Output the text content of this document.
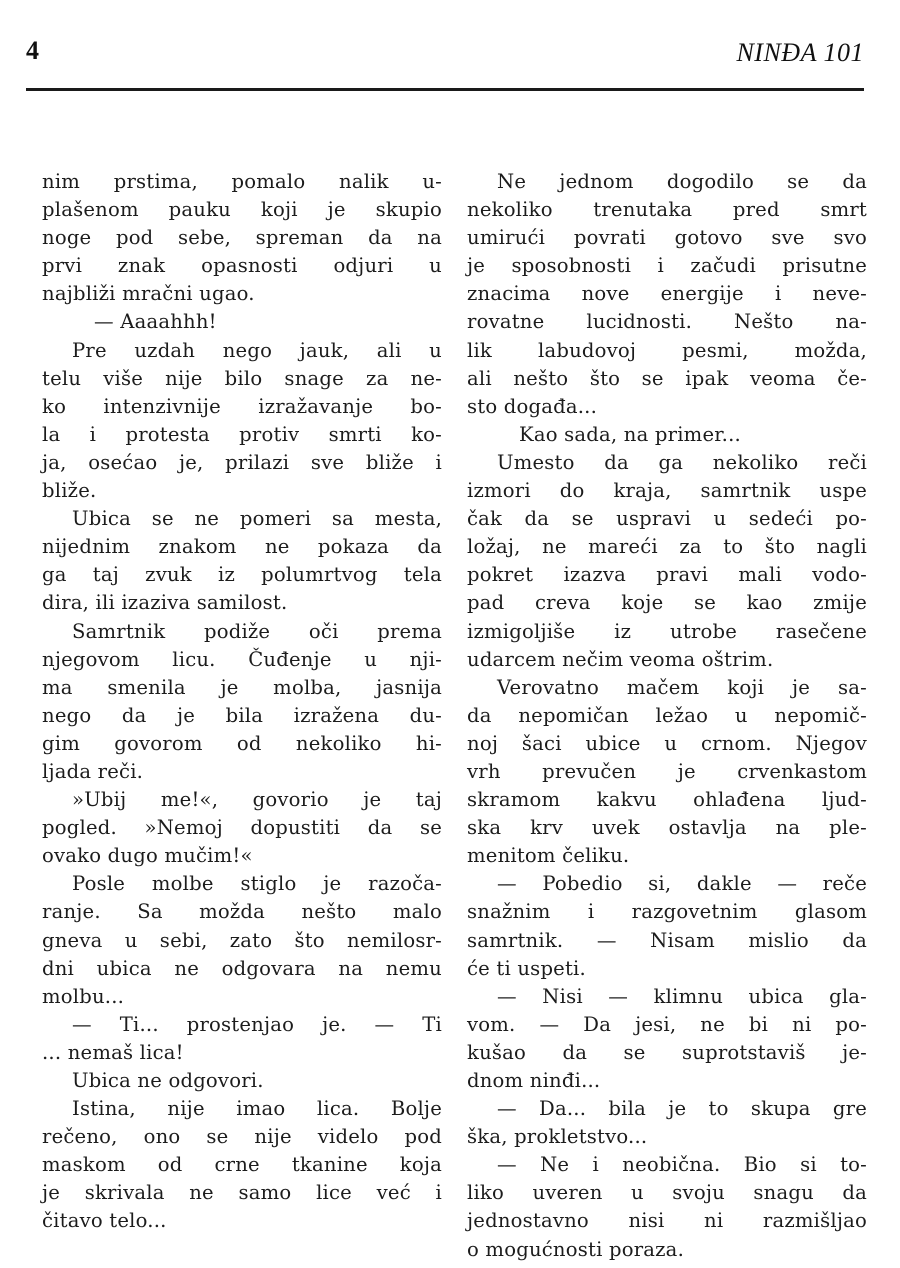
4	NINĐA 101
nim prstima, pomalo nalik u-
plašenom pauku koji je skupio
noge pod sebe, spreman da na
prvi znak opasnosti odjuri u
najbliži mračni ugao.
— Aaaahhh!
Pre uzdah nego jauk, ali u
telu više nije bilo snage za ne-
ko intenzivnije izražavanje bo-
la i protesta protiv smrti ko-
ja, osećao je, prilazi sve bliže i
bliže.
Ubica se ne pomeri sa mesta,
nijednim znakom ne pokaza da
ga taj zvuk iz polumrtvog tela
dira, ili izaziva samilost.
Samrtnik podiže oči prema
njegovom licu. Čuđenje u nji-
ma smenila je molba, jasnija
nego da je bila izražena du-
gim govorom od nekoliko hi-
ljada reči.
»Ubij me!«, govorio je taj
pogled. »Nemoj dopustiti da se
ovako dugo mučim!«
Posle molbe stiglo je razoča-
ranje. Sa možda nešto malo
gneva u sebi, zato što nemilosr-
dni ubica ne odgovara na nemu
molbu...
— Ti... prostenjao je. — Ti
... nemaš lica!
Ubica ne odgovori.
Istina, nije imao lica. Bolje
rečeno, ono se nije videlo pod
maskom od crne tkanine koja
je skrivala ne samo lice već i
čitavo telo...
Ne jednom dogodilo se da
nekoliko trenutaka pred smrt
umirući povrati gotovo sve svo
je sposobnosti i začudi prisutne
znacima nove energije i neve-
rovatne lucidnosti. Nešto na-
lik labudovoj pesmi, možda,
ali nešto što se ipak veoma če-
sto događa...
Kao sada, na primer...
Umesto da ga nekoliko reči
izmori do kraja, samrtnik uspe
čak da se uspravi u sedeći po-
ložaj, ne mareći za to što nagli
pokret izazva pravi mali vodo-
pad creva koje se kao zmije
izmigoljiše iz utrobe rasečene
udarcem nečim veoma oštrim.
Verovatno mačem koji je sa-
da nepomičan ležao u nepomič-
noj šaci ubice u crnom. Njegov
vrh prevučen je crvenkastom
skramom kakvu ohlađena ljud-
ska krv uvek ostavlja na ple-
menitom čeliku.
— Pobedio si, dakle — reče
snažnim i razgovetnim glasom
samrtnik. — Nisam mislio da
će ti uspeti.
— Nisi — klimnu ubica gla-
vom. — Da jesi, ne bi ni po-
kušao da se suprotstaviš je-
dnom ninđi...
— Da... bila je to skupa gre
ška, prokletstvo...
— Ne i neobična. Bio si to-
liko uveren u svoju snagu da
jednostavno nisi ni razmišljao
o mogućnosti poraza.
